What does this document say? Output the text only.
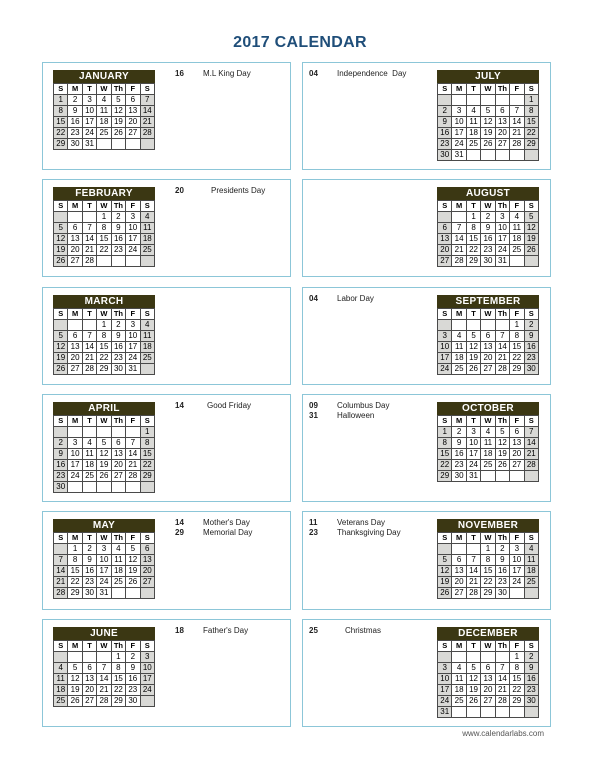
2017 CALENDAR
JANUARY
S	M	T	W	Th	F	S
1	2	3	4	5	6	7
8	9	10	11	12	13	14
15	16	17	18	19	20	21
22	23	24	25	26	27	28
29	30	31				
16 M.L King Day
FEBRUARY
S	M	T	W	Th	F	S
			1	2	3	4
5	6	7	8	9	10	11
12	13	14	15	16	17	18
19	20	21	22	23	24	25
26	27	28				
20	Presidents Day
MARCH
S	M	T	W	Th	F	S
			1	2	3	4
5	6	7	8	9	10	11
12	13	14	15	16	17	18
19	20	21	22	23	24	25
26	27	28	29	30	31	
APRIL
S	M	T	W	Th	F	S
						1
2	3	4	5	6	7	8
9	10	11	12	13	14	15
16	17	18	19	20	21	22
23	24	25	26	27	28	29
30						
14	Good Friday
MAY
S	M	T	W	Th	F	S
	1	2	3	4	5	6
7	8	9	10	11	12	13
14	15	16	17	18	19	20
21	22	23	24	25	26	27
28	29	30	31			
14 Mother's Day
29 Memorial Day
JUNE
S	M	T	W	Th	F	S
				1	2	3
4	5	6	7	8	9	10
11	12	13	14	15	16	17
18	19	20	21	22	23	24
25	26	27	28	29	30	
18 Father's Day
JULY
S	M	T	W	Th	F	S
						1
2	3	4	5	6	7	8
9	10	11	12	13	14	15
16	17	18	19	20	21	22
23	24	25	26	27	28	29
30	31					
04 Independence  Day
AUGUST
S	M	T	W	Th	F	S
		1	2	3	4	5
6	7	8	9	10	11	12
13	14	15	16	17	18	19
20	21	22	23	24	25	26
27	28	29	30	31		
SEPTEMBER
S	M	T	W	Th	F	S
					1	2
3	4	5	6	7	8	9
10	11	12	13	14	15	16
17	18	19	20	21	22	23
24	25	26	27	28	29	30
04 Labor Day
OCTOBER
S	M	T	W	Th	F	S
1	2	3	4	5	6	7
8	9	10	11	12	13	14
15	16	17	18	19	20	21
22	23	24	25	26	27	28
29	30	31				
09 Columbus Day
31 Halloween
NOVEMBER
S	M	T	W	Th	F	S
			1	2	3	4
5	6	7	8	9	10	11
12	13	14	15	16	17	18
19	20	21	22	23	24	25
26	27	28	29	30		
11 Veterans Day
23 Thanksgiving Day
DECEMBER
S	M	T	W	Th	F	S
					1	2
3	4	5	6	7	8	9
10	11	12	13	14	15	16
17	18	19	20	21	22	23
24	25	26	27	28	29	30
31						
25	Christmas
www.calendarlabs.com
